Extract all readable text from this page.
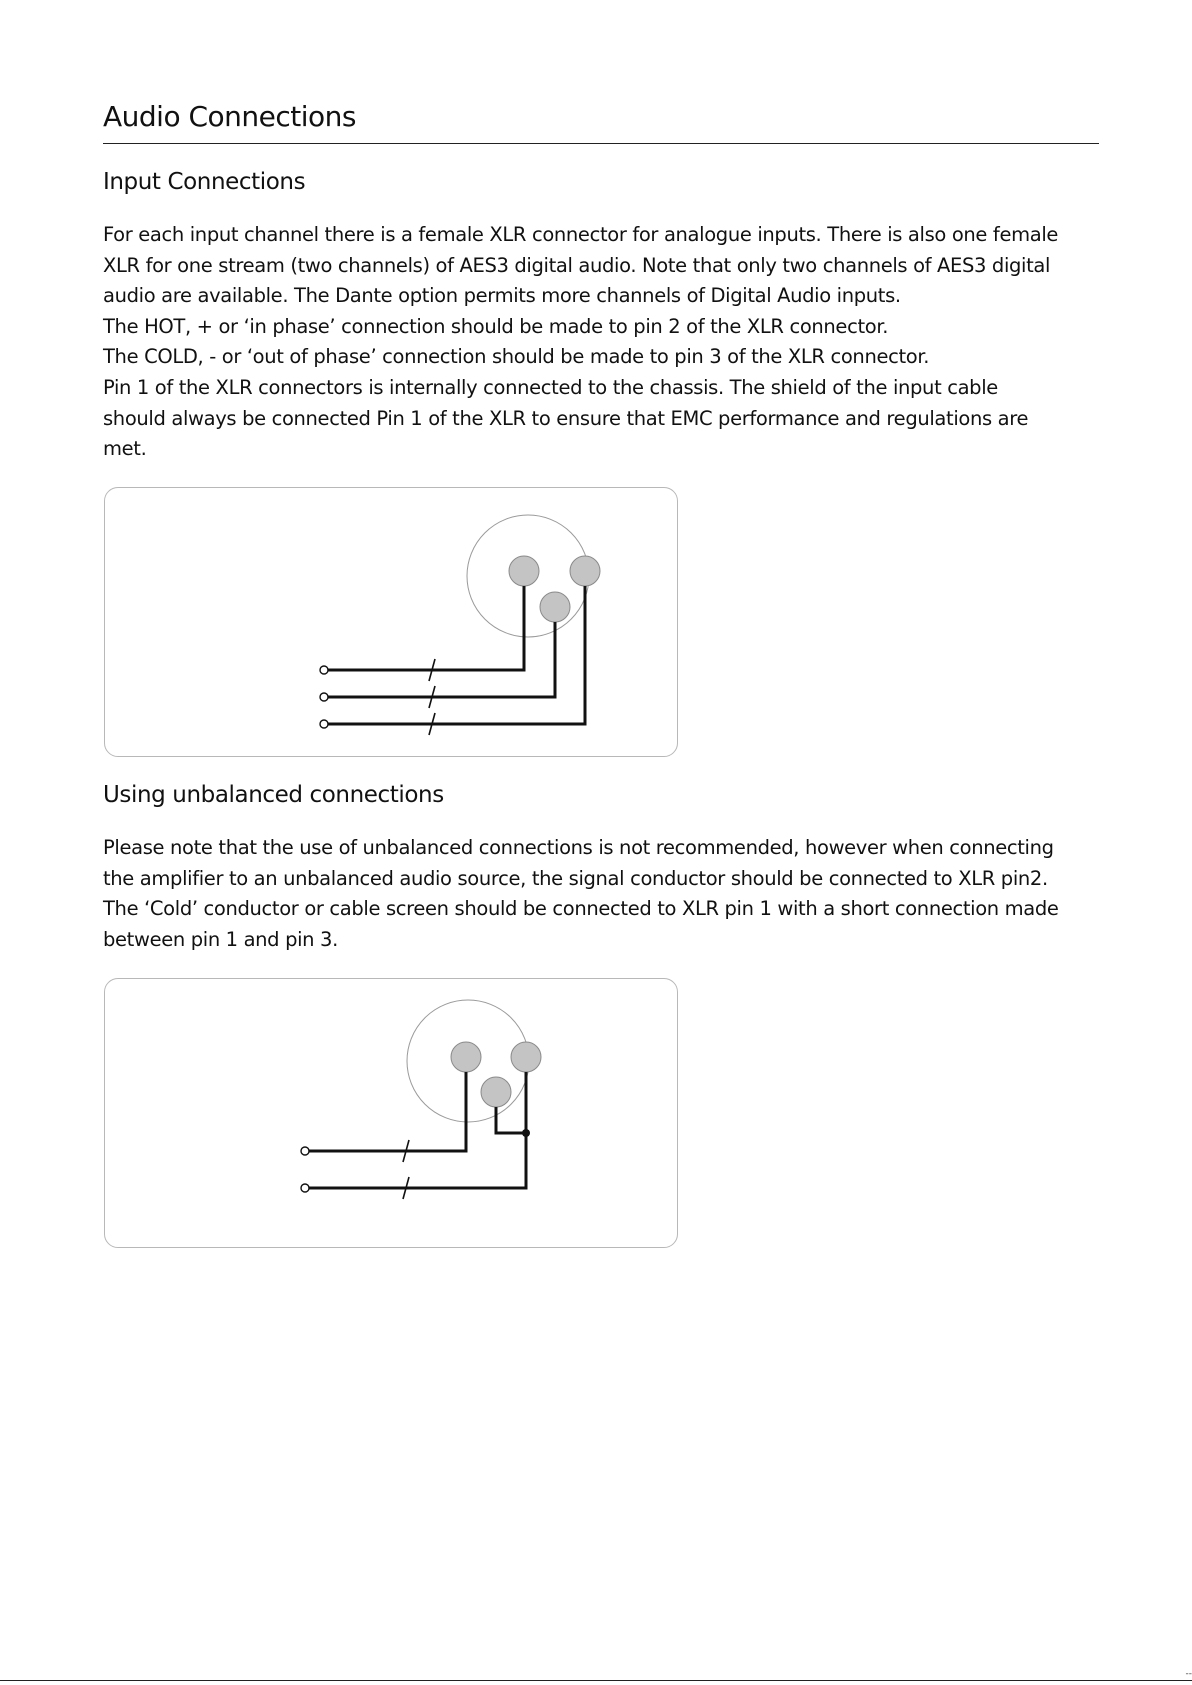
Audio Connections
Input Connections
For each input channel there is a female XLR connector for analogue inputs. There is also one female
XLR for one stream (two channels) of AES3 digital audio. Note that only two channels of AES3 digital
audio are available. The Dante option permits more channels of Digital Audio inputs.
The HOT, + or ‘in phase’ connection should be made to pin 2 of the XLR connector.
The COLD, - or ‘out of phase’ connection should be made to pin 3 of the XLR connector.
Pin 1 of the XLR connectors is internally connected to the chassis. The shield of the input cable
should always be connected Pin 1 of the XLR to ensure that EMC performance and regulations are
met.
Using unbalanced connections
Please note that the use of unbalanced connections is not recommended, however when connecting
the amplifier to an unbalanced audio source, the signal conductor should be connected to XLR pin2.
The ‘Cold’ conductor or cable screen should be connected to XLR pin 1 with a short connection made
between pin 1 and pin 3.
--
